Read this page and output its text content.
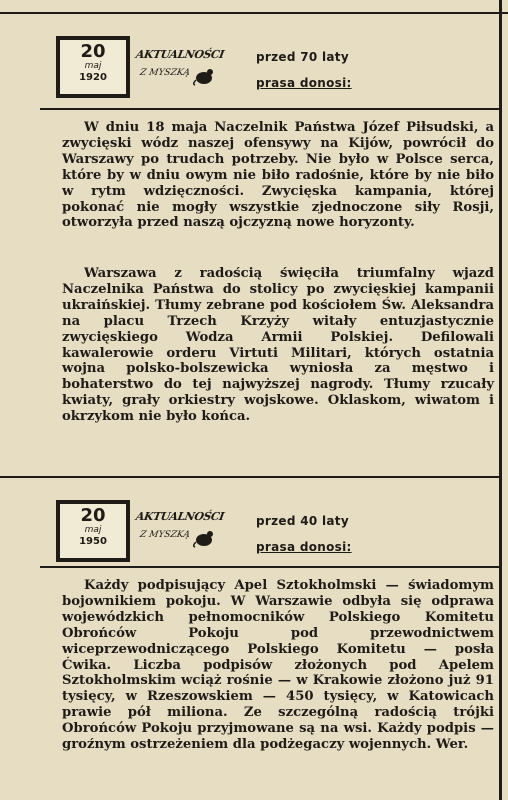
20
maj
1920
AKTUALNOŚCI
Z MYSZKĄ
przed 70 laty
prasa donosi:

W dniu 18 maja Naczelnik Państwa Józef Piłsudski, a zwycięski wódz naszej ofensywy na Kijów, powrócił do Warszawy po trudach potrzeby. Nie było w Polsce serca, które by w dniu owym nie biło radośnie, które by nie biło w rytm wdzięczności. Zwycięska kampania, której pokonać nie mogły wszystkie zjednoczone siły Rosji, otworzyła przed naszą ojczyzną nowe horyzonty.

Warszawa z radością święciła triumfalny wjazd Naczelnika Państwa do stolicy po zwycięskiej kampanii ukraińskiej. Tłumy zebrane pod kościołem Św. Aleksandra na placu Trzech Krzyży witały entuzjastycznie zwycięskiego Wodza Armii Polskiej. Defilowali kawalerowie orderu Virtuti Militari, których ostatnia wojna polsko-bolszewicka wyniosła za męstwo i bohaterstwo do tej najwyższej nagrody. Tłumy rzucały kwiaty, grały orkiestry wojskowe. Oklaskom, wiwatom i okrzykom nie było końca.

20
maj
1950
AKTUALNOŚCI
Z MYSZKĄ
przed 40 laty
prasa donosi:

Każdy podpisujący Apel Sztokholmski — świadomym bojownikiem pokoju. W Warszawie odbyła się odprawa wojewódzkich pełnomocników Polskiego Komitetu Obrońców Pokoju pod przewodnictwem wiceprzewodniczącego Polskiego Komitetu — posła Ćwika. Liczba podpisów złożonych pod Apelem Sztokholmskim wciąż rośnie — w Krakowie złożono już 91 tysięcy, w Rzeszowskiem — 450 tysięcy, w Katowicach prawie pół miliona. Ze szczególną radością trójki Obrońców Pokoju przyjmowane są na wsi. Każdy podpis — groźnym ostrzeżeniem dla podżegaczy wojennych. Wer.
